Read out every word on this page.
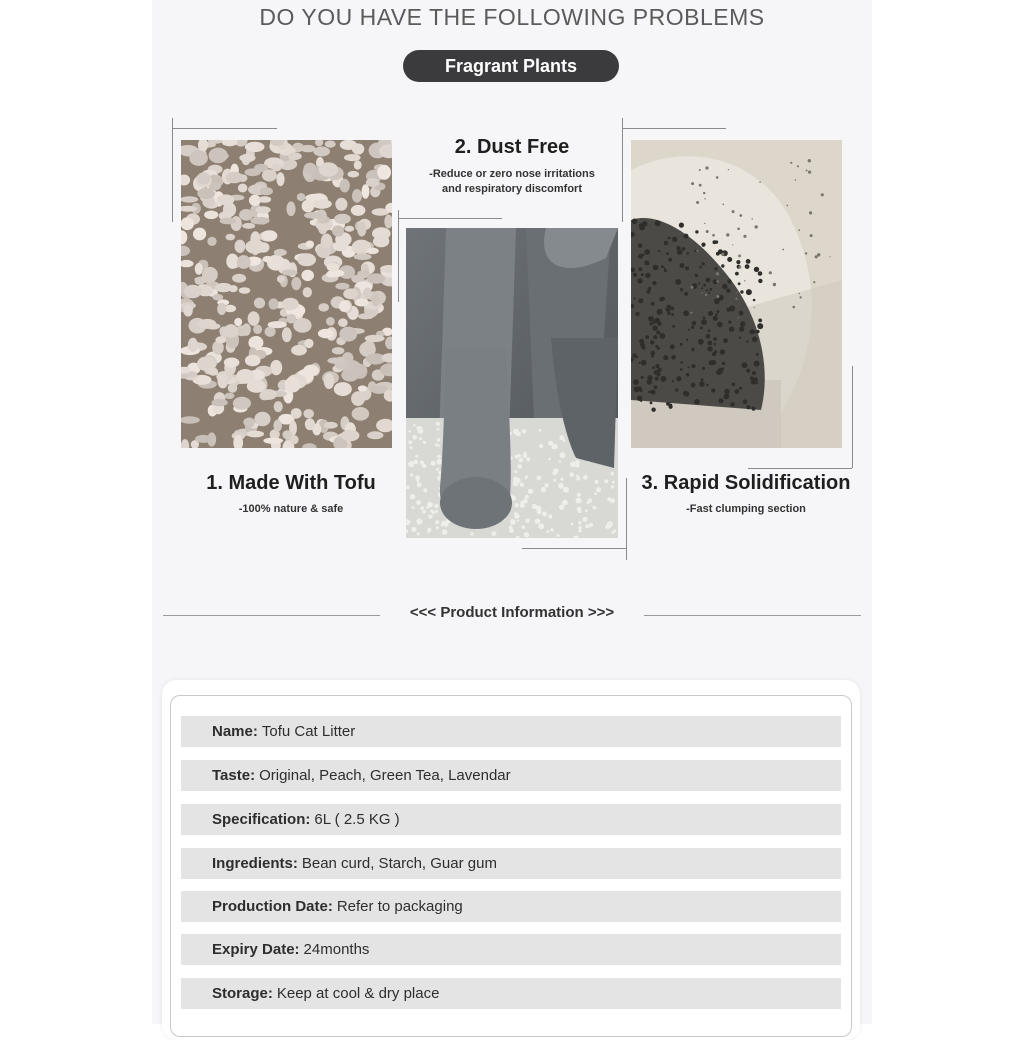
DO YOU HAVE THE FOLLOWING PROBLEMS
Fragrant Plants
1. Made With Tofu
-100% nature & safe
2. Dust Free
-Reduce or zero nose irritations
and respiratory discomfort
3. Rapid Solidification
-Fast clumping section
<<< Product Information >>>
Name: Tofu Cat Litter
Taste: Original, Peach, Green Tea, Lavendar
Specification: 6L ( 2.5 KG )
Ingredients: Bean curd, Starch, Guar gum
Production Date: Refer to packaging
Expiry Date: 24months
Storage: Keep at cool & dry place
